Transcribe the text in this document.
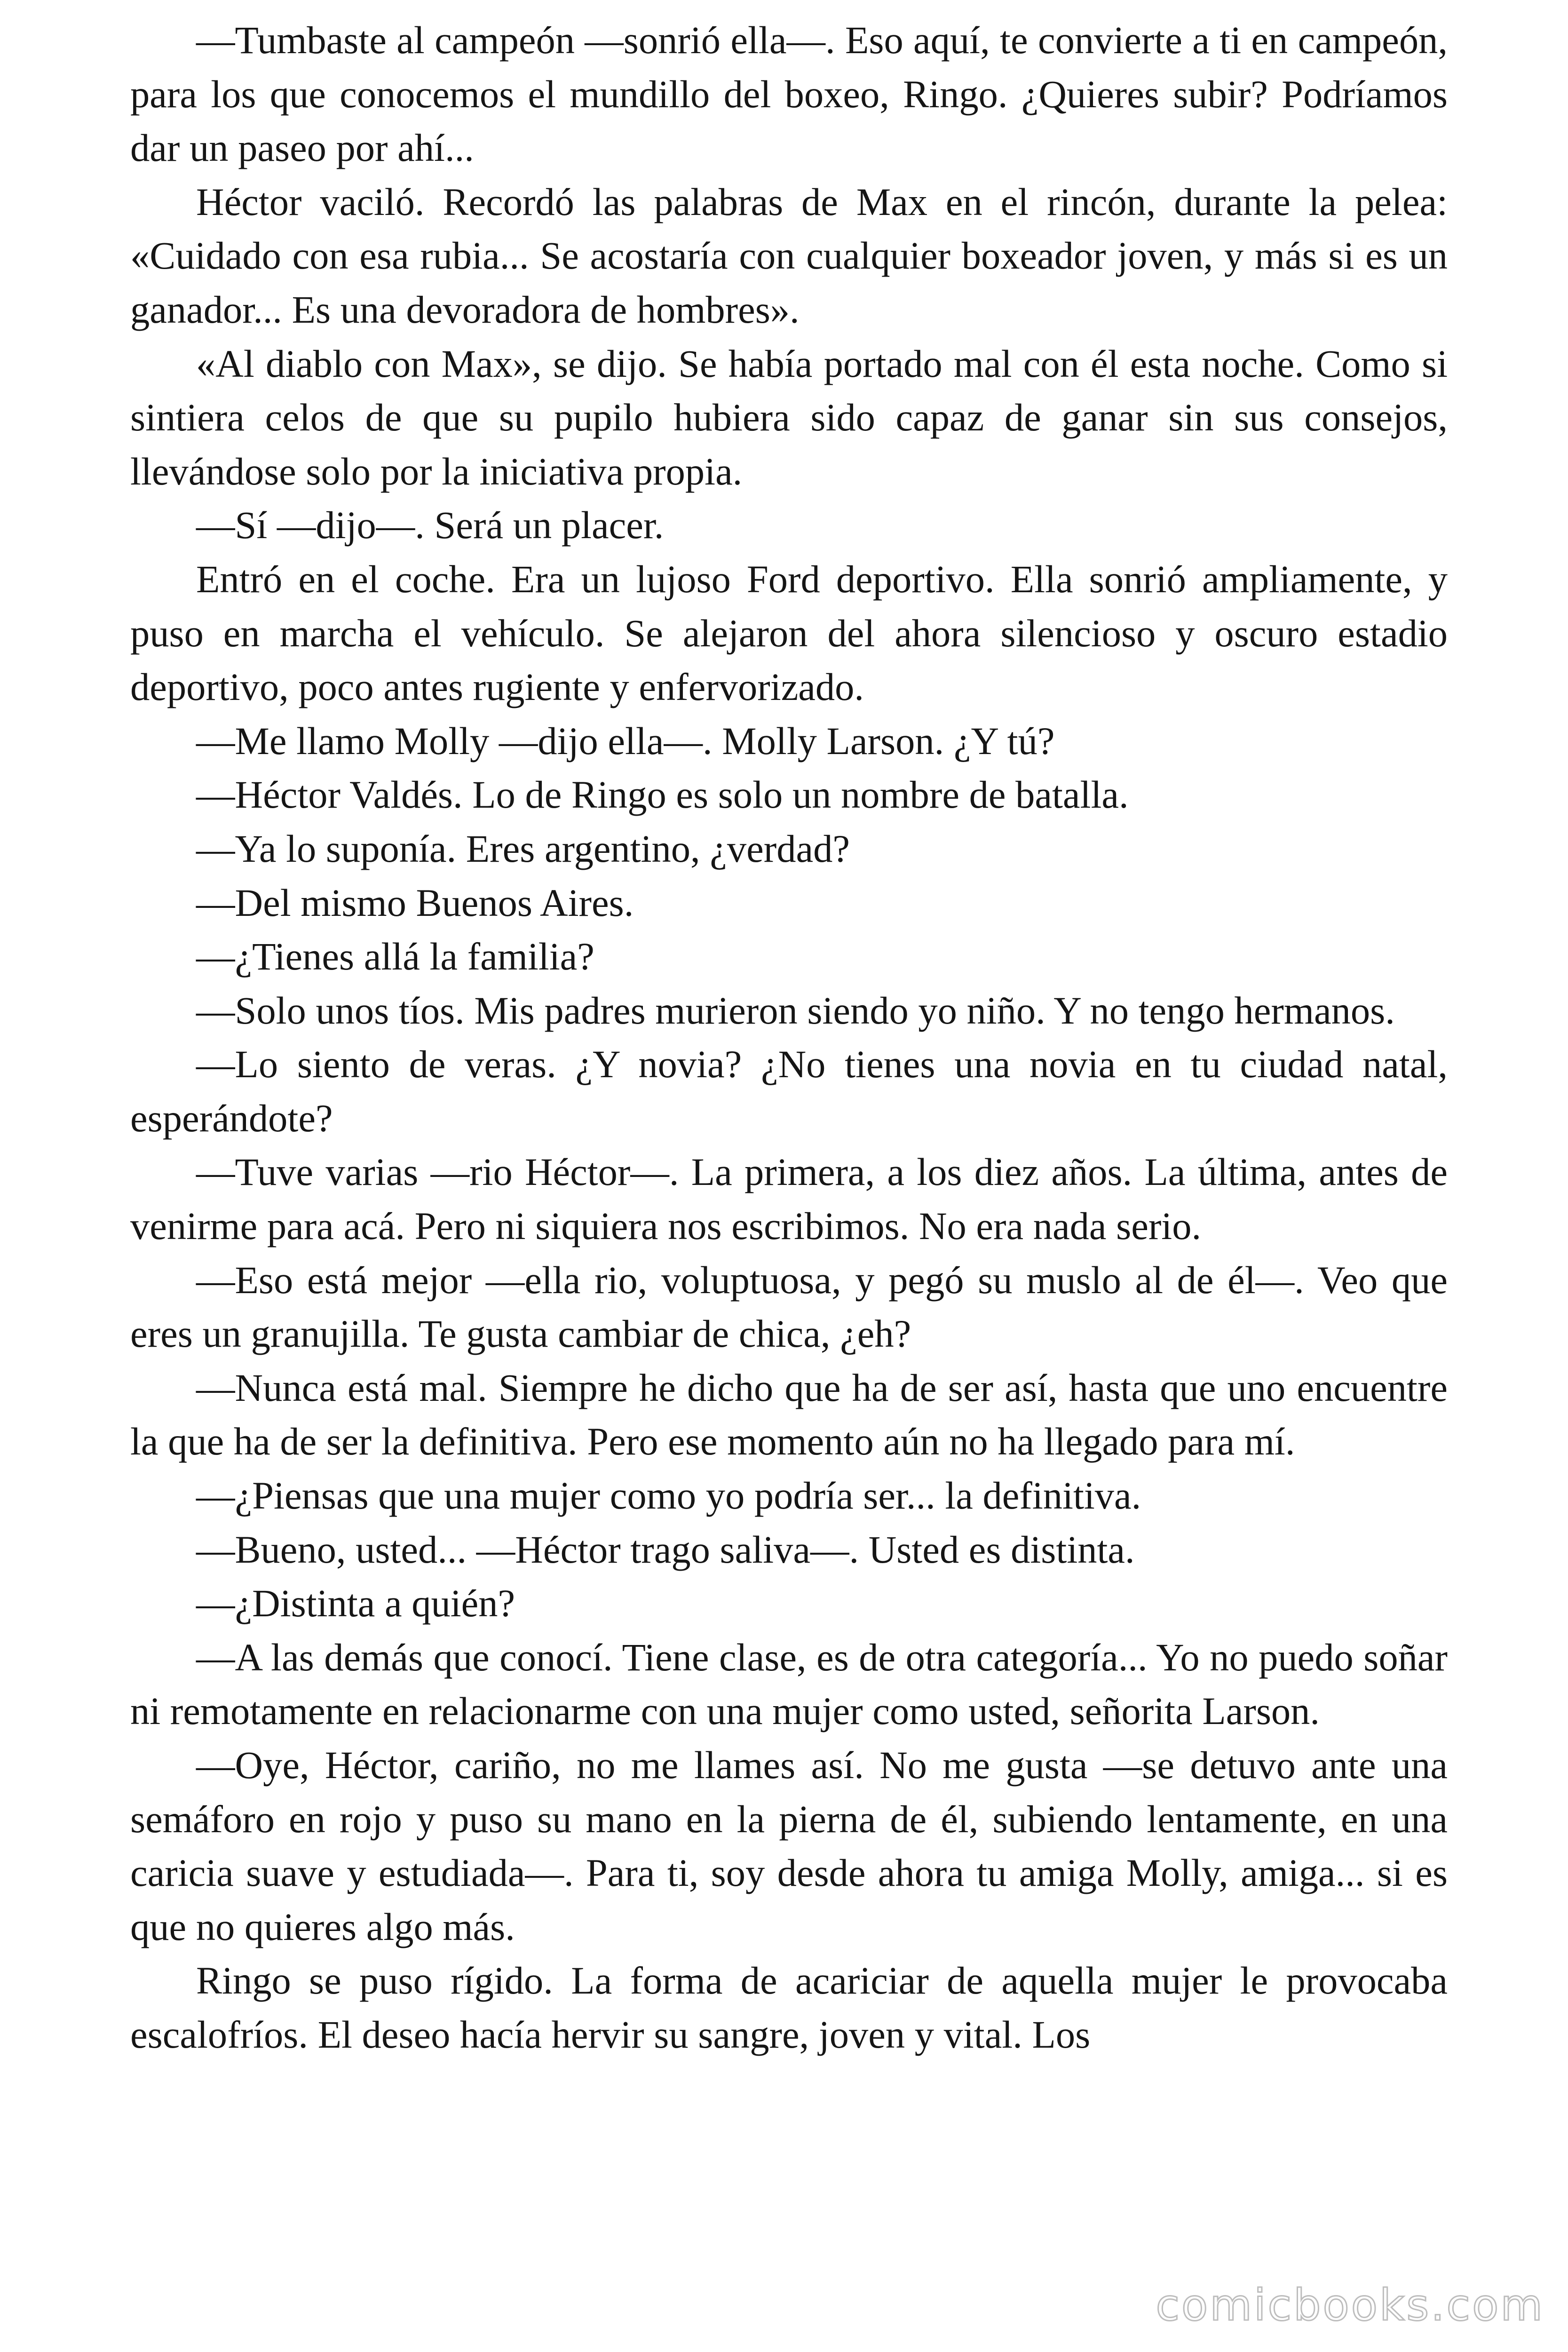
—Tumbaste al campeón —sonrió ella—. Eso aquí, te convierte a ti en campeón, para los que conocemos el mundillo del boxeo, Ringo. ¿Quieres subir? Podríamos dar un paseo por ahí...

Héctor vaciló. Recordó las palabras de Max en el rincón, durante la pelea: «Cuidado con esa rubia... Se acostaría con cualquier boxeador joven, y más si es un ganador... Es una devoradora de hombres».

«Al diablo con Max», se dijo. Se había portado mal con él esta noche. Como si sintiera celos de que su pupilo hubiera sido capaz de ganar sin sus consejos, llevándose solo por la iniciativa propia.

—Sí —dijo—. Será un placer.

Entró en el coche. Era un lujoso Ford deportivo. Ella sonrió ampliamente, y puso en marcha el vehículo. Se alejaron del ahora silencioso y oscuro estadio deportivo, poco antes rugiente y enfervorizado.

—Me llamo Molly —dijo ella—. Molly Larson. ¿Y tú?

—Héctor Valdés. Lo de Ringo es solo un nombre de batalla.

—Ya lo suponía. Eres argentino, ¿verdad?

—Del mismo Buenos Aires.

—¿Tienes allá la familia?

—Solo unos tíos. Mis padres murieron siendo yo niño. Y no tengo hermanos.

—Lo siento de veras. ¿Y novia? ¿No tienes una novia en tu ciudad natal, esperándote?

—Tuve varias —rio Héctor—. La primera, a los diez años. La última, antes de venirme para acá. Pero ni siquiera nos escribimos. No era nada serio.

—Eso está mejor —ella rio, voluptuosa, y pegó su muslo al de él—. Veo que eres un granujilla. Te gusta cambiar de chica, ¿eh?

—Nunca está mal. Siempre he dicho que ha de ser así, hasta que uno encuentre la que ha de ser la definitiva. Pero ese momento aún no ha llegado para mí.

—¿Piensas que una mujer como yo podría ser... la definitiva.

—Bueno, usted... —Héctor trago saliva—. Usted es distinta.

—¿Distinta a quién?

—A las demás que conocí. Tiene clase, es de otra categoría... Yo no puedo soñar ni remotamente en relacionarme con una mujer como usted, señorita Larson.

—Oye, Héctor, cariño, no me llames así. No me gusta —se detuvo ante una semáforo en rojo y puso su mano en la pierna de él, subiendo lentamente, en una caricia suave y estudiada—. Para ti, soy desde ahora tu amiga Molly, amiga... si es que no quieres algo más.

Ringo se puso rígido. La forma de acariciar de aquella mujer le provocaba escalofríos. El deseo hacía hervir su sangre, joven y vital. Los

comicbooks.com
